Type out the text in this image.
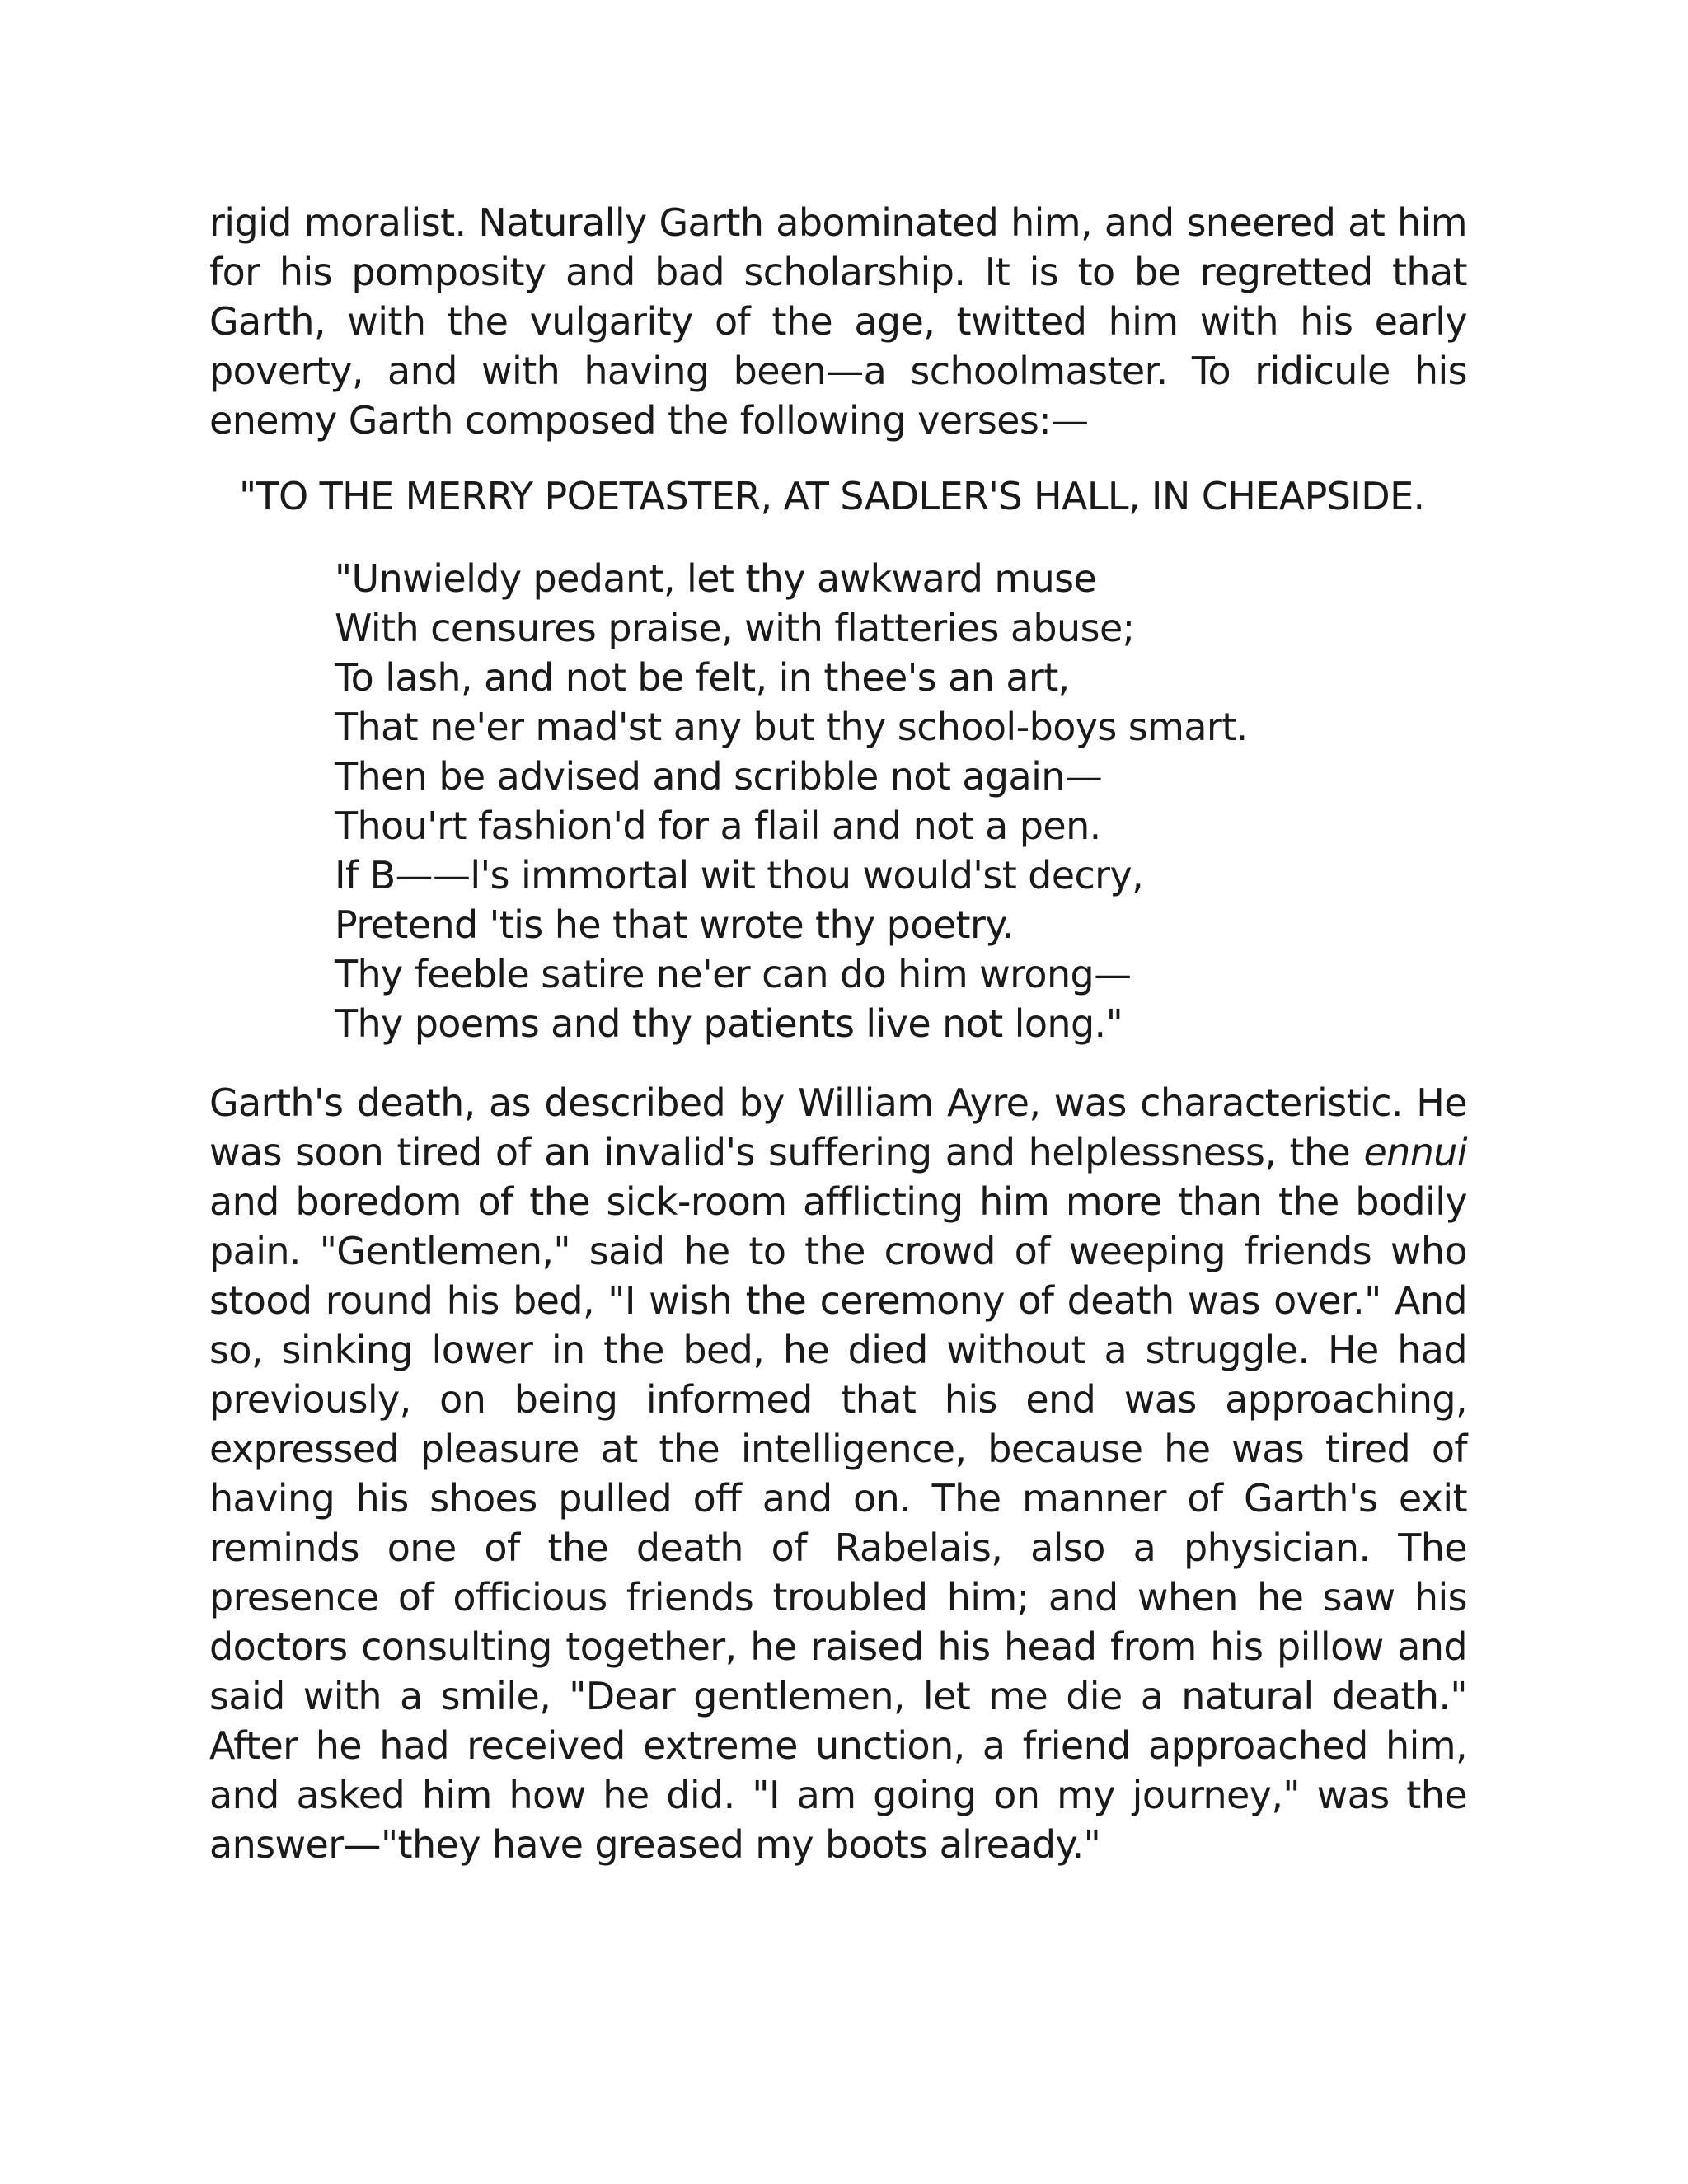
rigid moralist. Naturally Garth abominated him, and sneered at him for his pomposity and bad scholarship. It is to be regretted that Garth, with the vulgarity of the age, twitted him with his early poverty, and with having been—a schoolmaster. To ridicule his enemy Garth composed the following verses:—

"TO THE MERRY POETASTER, AT SADLER'S HALL, IN CHEAPSIDE.

"Unwieldy pedant, let thy awkward muse
With censures praise, with flatteries abuse;
To lash, and not be felt, in thee's an art,
That ne'er mad'st any but thy school-boys smart.
Then be advised and scribble not again—
Thou'rt fashion'd for a flail and not a pen.
If B——l's immortal wit thou would'st decry,
Pretend 'tis he that wrote thy poetry.
Thy feeble satire ne'er can do him wrong—
Thy poems and thy patients live not long."

Garth's death, as described by William Ayre, was characteristic. He was soon tired of an invalid's suffering and helplessness, the ennui and boredom of the sick-room afflicting him more than the bodily pain. "Gentlemen," said he to the crowd of weeping friends who stood round his bed, "I wish the ceremony of death was over." And so, sinking lower in the bed, he died without a struggle. He had previously, on being informed that his end was approaching, expressed pleasure at the intelligence, because he was tired of having his shoes pulled off and on. The manner of Garth's exit reminds one of the death of Rabelais, also a physician. The presence of officious friends troubled him; and when he saw his doctors consulting together, he raised his head from his pillow and said with a smile, "Dear gentlemen, let me die a natural death." After he had received extreme unction, a friend approached him, and asked him how he did. "I am going on my journey," was the answer—"they have greased my boots already."
